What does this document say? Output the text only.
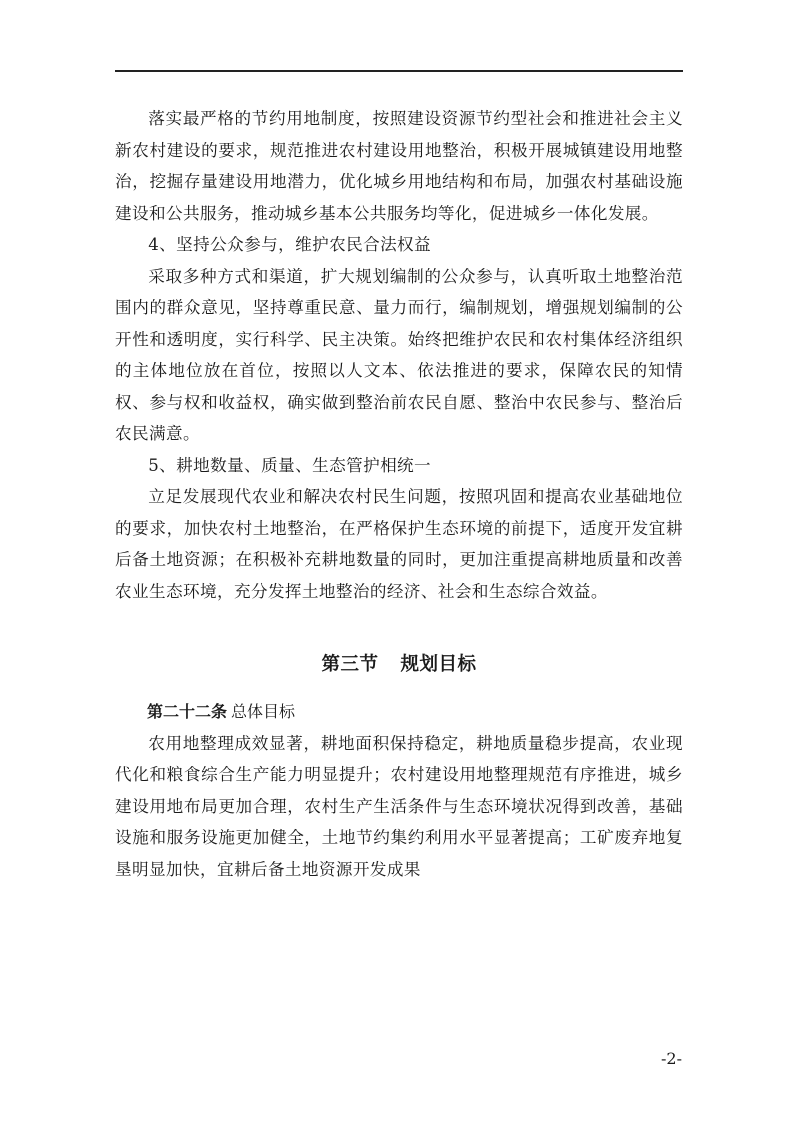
落实最严格的节约用地制度，按照建设资源节约型社会和推进社会主义新农村建设的要求，规范推进农村建设用地整治，积极开展城镇建设用地整治，挖掘存量建设用地潜力，优化城乡用地结构和布局，加强农村基础设施建设和公共服务，推动城乡基本公共服务均等化，促进城乡一体化发展。

4、坚持公众参与，维护农民合法权益

采取多种方式和渠道，扩大规划编制的公众参与，认真听取土地整治范围内的群众意见，坚持尊重民意、量力而行，编制规划，增强规划编制的公开性和透明度，实行科学、民主决策。始终把维护农民和农村集体经济组织的主体地位放在首位，按照以人文本、依法推进的要求，保障农民的知情权、参与权和收益权，确实做到整治前农民自愿、整治中农民参与、整治后农民满意。

5、耕地数量、质量、生态管护相统一

立足发展现代农业和解决农村民生问题，按照巩固和提高农业基础地位的要求，加快农村土地整治，在严格保护生态环境的前提下，适度开发宜耕后备土地资源；在积极补充耕地数量的同时，更加注重提高耕地质量和改善农业生态环境，充分发挥土地整治的经济、社会和生态综合效益。

第三节 规划目标

第二十二条 总体目标

农用地整理成效显著，耕地面积保持稳定，耕地质量稳步提高，农业现代化和粮食综合生产能力明显提升；农村建设用地整理规范有序推进，城乡建设用地布局更加合理，农村生产生活条件与生态环境状况得到改善，基础设施和服务设施更加健全，土地节约集约利用水平显著提高；工矿废弃地复垦明显加快，宜耕后备土地资源开发成果

-2-
